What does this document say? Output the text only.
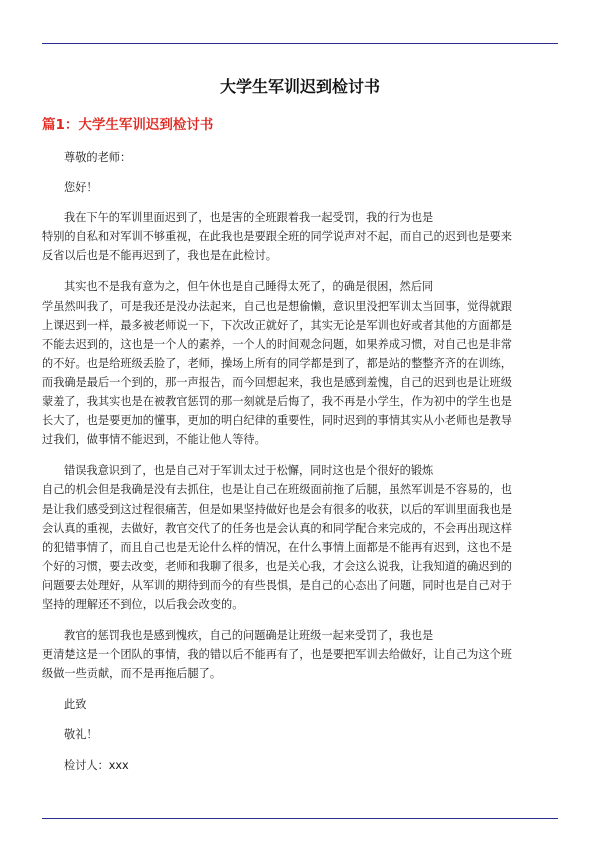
大学生军训迟到检讨书
篇1：大学生军训迟到检讨书

尊敬的老师：

您好！

我在下午的军训里面迟到了，也是害的全班跟着我一起受罚，我的行为也是

特别的自私和对军训不够重视，在此我也是要跟全班的同学说声对不起，而自己的迟到也是要来

反省以后也是不能再迟到了，我也是在此检讨。

其实也不是我有意为之，但午休也是自己睡得太死了，的确是很困，然后同

学虽然叫我了，可是我还是没办法起来，自己也是想偷懒，意识里没把军训太当回事，觉得就跟

上课迟到一样，最多被老师说一下，下次改正就好了，其实无论是军训也好或者其他的方面都是

不能去迟到的，这也是一个人的素养，一个人的时间观念问题，如果养成习惯，对自己也是非常

的不好。也是给班级丢脸了，老师，操场上所有的同学都是到了，都是站的整整齐齐的在训练，

而我确是最后一个到的，那一声报告，而今回想起来，我也是感到羞愧，自己的迟到也是让班级

蒙羞了，我其实也是在被教官惩罚的那一刻就是后悔了，我不再是小学生，作为初中的学生也是

长大了，也是要更加的懂事，更加的明白纪律的重要性，同时迟到的事情其实从小老师也是教导

过我们，做事情不能迟到，不能让他人等待。

错误我意识到了，也是自己对于军训太过于松懈，同时这也是个很好的锻炼

自己的机会但是我确是没有去抓住，也是让自己在班级面前拖了后腿，虽然军训是不容易的，也

是让我们感受到这过程很痛苦，但是如果坚持做好也是会有很多的收获，以后的军训里面我也是

会认真的重视，去做好，教官交代了的任务也是会认真的和同学配合来完成的，不会再出现这样

的犯错事情了，而且自己也是无论什么样的情况，在什么事情上面都是不能再有迟到，这也不是

个好的习惯，要去改变，老师和我聊了很多，也是关心我，才会这么说我，让我知道的确迟到的

问题要去处理好，从军训的期待到而今的有些畏惧，是自己的心态出了问题，同时也是自己对于

坚持的理解还不到位，以后我会改变的。

教官的惩罚我也是感到愧疚，自己的问题确是让班级一起来受罚了，我也是

更清楚这是一个团队的事情，我的错以后不能再有了，也是要把军训去给做好，让自己为这个班

级做一些贡献，而不是再拖后腿了。

此致

敬礼！

检讨人：xxx
